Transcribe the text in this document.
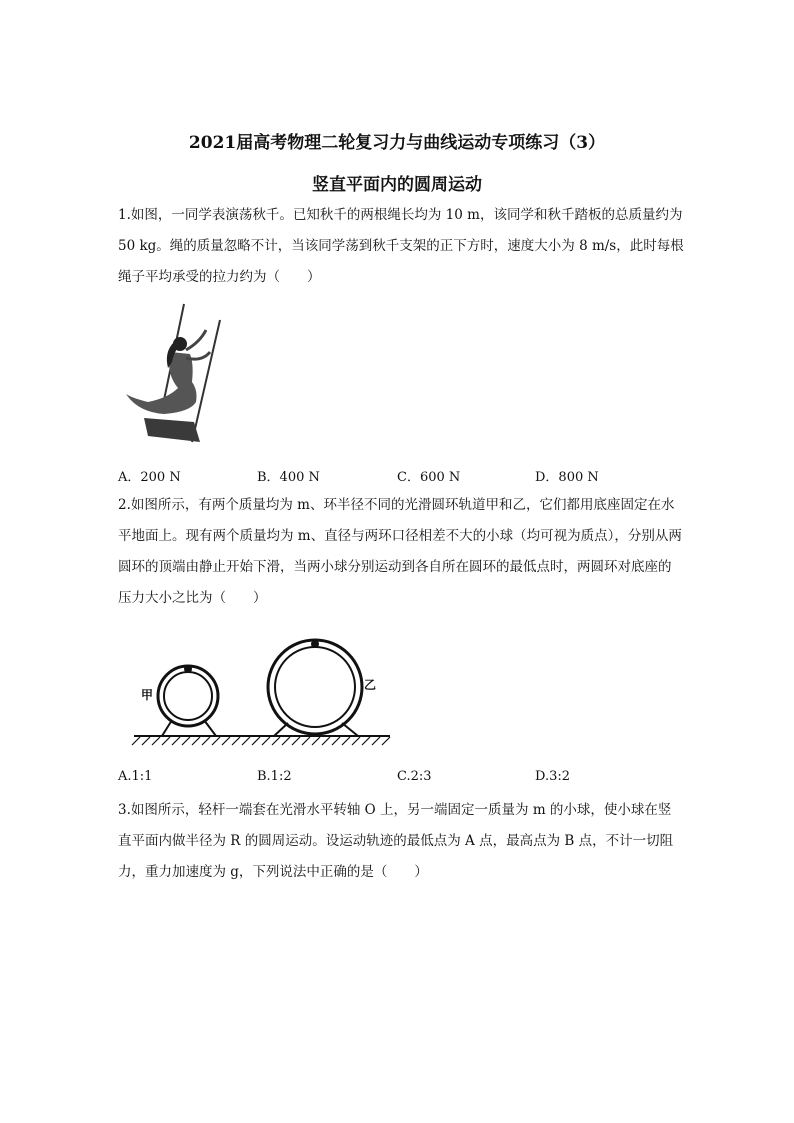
2021届高考物理二轮复习力与曲线运动专项练习（3）
竖直平面内的圆周运动
1.如图，一同学表演荡秋千。已知秋千的两根绳长均为 10 m，该同学和秋千踏板的总质量约为 50 kg。绳的质量忽略不计，当该同学荡到秋千支架的正下方时，速度大小为 8 m/s，此时每根绳子平均承受的拉力约为（　　）
A．200 N	B．400 N	C．600 N	D．800 N
2.如图所示，有两个质量均为 m、环半径不同的光滑圆环轨道甲和乙，它们都用底座固定在水平地面上。现有两个质量均为 m、直径与两环口径相差不大的小球（均可视为质点），分别从两圆环的顶端由静止开始下滑，当两小球分别运动到各自所在圆环的最低点时，两圆环对底座的压力大小之比为（　　）
甲
乙
A.1:1	B.1:2	C.2:3	D.3:2
3.如图所示，轻杆一端套在光滑水平转轴 O 上，另一端固定一质量为 m 的小球，使小球在竖直平面内做半径为 R 的圆周运动。设运动轨迹的最低点为 A 点，最高点为 B 点，不计一切阻力，重力加速度为 g，下列说法中正确的是（　　）
